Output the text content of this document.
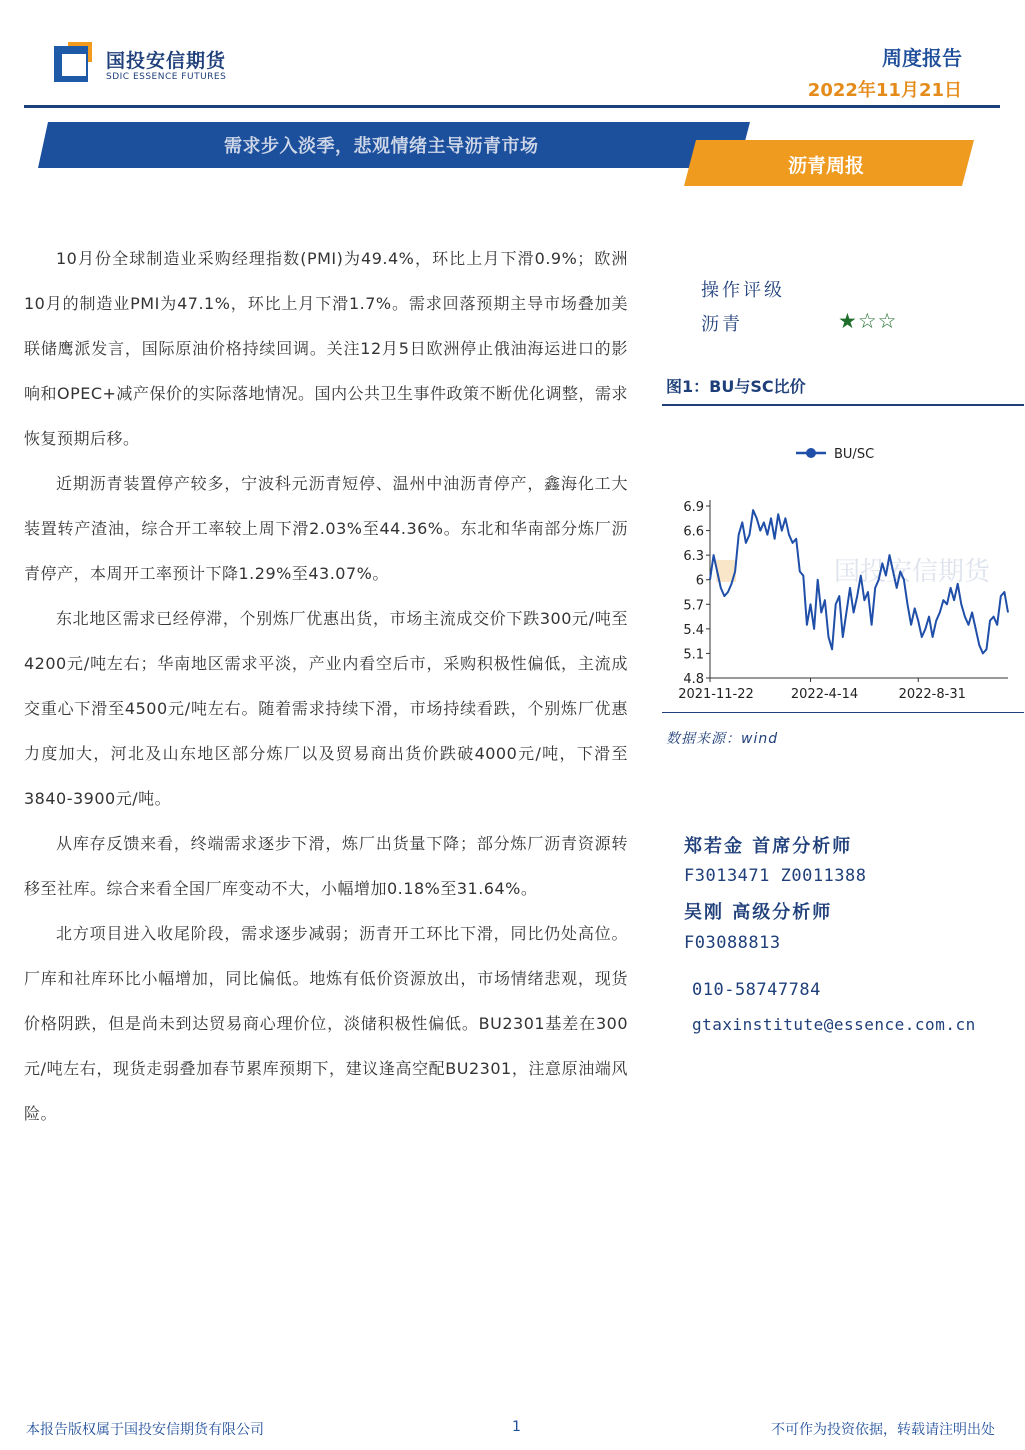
国投安信期货
SDIC ESSENCE FUTURES
周度报告
2022年11月21日
需求步入淡季，悲观情绪主导沥青市场
沥青周报

10月份全球制造业采购经理指数(PMI)为49.4%，环比上月下滑0.9%；欧洲10月的制造业PMI为47.1%，环比上月下滑1.7%。需求回落预期主导市场叠加美联储鹰派发言，国际原油价格持续回调。关注12月5日欧洲停止俄油海运进口的影响和OPEC+减产保价的实际落地情况。国内公共卫生事件政策不断优化调整，需求恢复预期后移。

近期沥青装置停产较多，宁波科元沥青短停、温州中油沥青停产，鑫海化工大装置转产渣油，综合开工率较上周下滑2.03%至44.36%。东北和华南部分炼厂沥青停产，本周开工率预计下降1.29%至43.07%。

东北地区需求已经停滞，个别炼厂优惠出货，市场主流成交价下跌300元/吨至4200元/吨左右；华南地区需求平淡，产业内看空后市，采购积极性偏低，主流成交重心下滑至4500元/吨左右。随着需求持续下滑，市场持续看跌，个别炼厂优惠力度加大，河北及山东地区部分炼厂以及贸易商出货价跌破4000元/吨，下滑至3840-3900元/吨。

从库存反馈来看，终端需求逐步下滑，炼厂出货量下降；部分炼厂沥青资源转移至社库。综合来看全国厂库变动不大，小幅增加0.18%至31.64%。

北方项目进入收尾阶段，需求逐步减弱；沥青开工环比下滑，同比仍处高位。厂库和社库环比小幅增加，同比偏低。地炼有低价资源放出，市场情绪悲观，现货价格阴跌，但是尚未到达贸易商心理价位，淡储积极性偏低。BU2301基差在300元/吨左右，现货走弱叠加春节累库预期下，建议逢高空配BU2301，注意原油端风险。

操作评级
沥青	★☆☆
图1：BU与SC比价
国投安信期货
6.9
6.6
6.3
6
5.7
5.4
5.1
4.8
2021-11-22	2022-4-14	2022-8-31
BU/SC
数据来源：wind
郑若金 首席分析师
F3013471 Z0011388
吴刚 高级分析师
F03088813
010-58747784
gtaxinstitute@essence.com.cn
本报告版权属于国投安信期货有限公司	1	不可作为投资依据，转载请注明出处
